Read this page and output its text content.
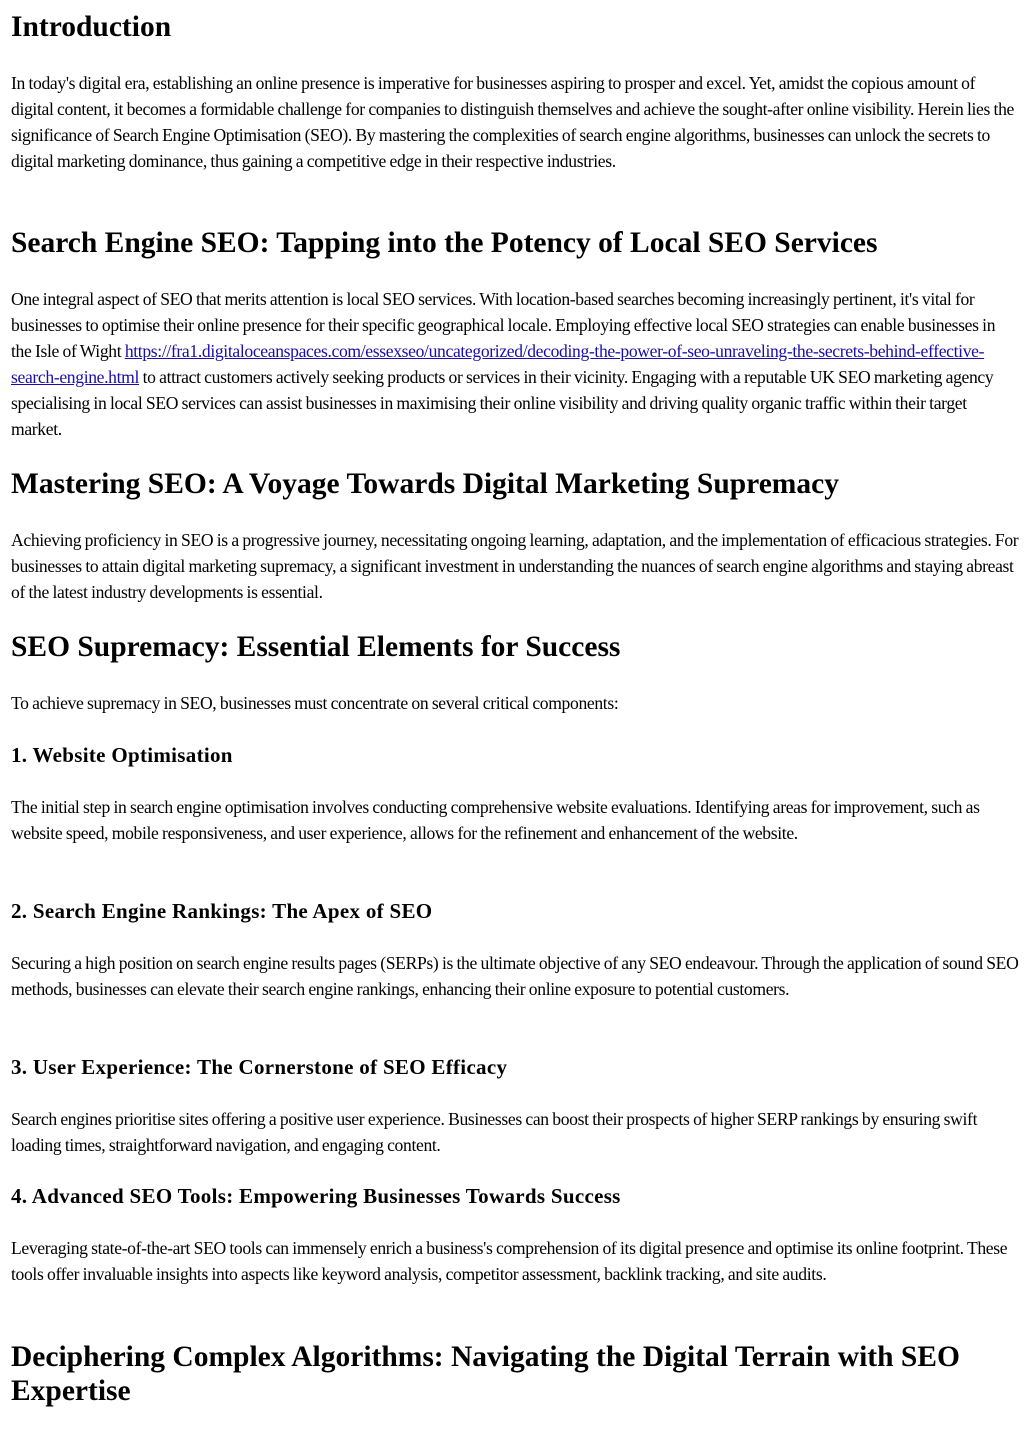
Introduction

In today's digital era, establishing an online presence is imperative for businesses aspiring to prosper and excel. Yet, amidst the copious amount of digital content, it becomes a formidable challenge for companies to distinguish themselves and achieve the sought-after online visibility. Herein lies the significance of Search Engine Optimisation (SEO). By mastering the complexities of search engine algorithms, businesses can unlock the secrets to digital marketing dominance, thus gaining a competitive edge in their respective industries.

Search Engine SEO: Tapping into the Potency of Local SEO Services

One integral aspect of SEO that merits attention is local SEO services. With location-based searches becoming increasingly pertinent, it's vital for businesses to optimise their online presence for their specific geographical locale. Employing effective local SEO strategies can enable businesses in the Isle of Wight https://fra1.digitaloceanspaces.com/essexseo/uncategorized/decoding-the-power-of-seo-unraveling-the-secrets-behind-effective-search-engine.html to attract customers actively seeking products or services in their vicinity. Engaging with a reputable UK SEO marketing agency specialising in local SEO services can assist businesses in maximising their online visibility and driving quality organic traffic within their target market.

Mastering SEO: A Voyage Towards Digital Marketing Supremacy

Achieving proficiency in SEO is a progressive journey, necessitating ongoing learning, adaptation, and the implementation of efficacious strategies. For businesses to attain digital marketing supremacy, a significant investment in understanding the nuances of search engine algorithms and staying abreast of the latest industry developments is essential.

SEO Supremacy: Essential Elements for Success

To achieve supremacy in SEO, businesses must concentrate on several critical components:

1. Website Optimisation

The initial step in search engine optimisation involves conducting comprehensive website evaluations. Identifying areas for improvement, such as website speed, mobile responsiveness, and user experience, allows for the refinement and enhancement of the website.

2. Search Engine Rankings: The Apex of SEO

Securing a high position on search engine results pages (SERPs) is the ultimate objective of any SEO endeavour. Through the application of sound SEO methods, businesses can elevate their search engine rankings, enhancing their online exposure to potential customers.

3. User Experience: The Cornerstone of SEO Efficacy

Search engines prioritise sites offering a positive user experience. Businesses can boost their prospects of higher SERP rankings by ensuring swift loading times, straightforward navigation, and engaging content.

4. Advanced SEO Tools: Empowering Businesses Towards Success

Leveraging state-of-the-art SEO tools can immensely enrich a business's comprehension of its digital presence and optimise its online footprint. These tools offer invaluable insights into aspects like keyword analysis, competitor assessment, backlink tracking, and site audits.

Deciphering Complex Algorithms: Navigating the Digital Terrain with SEO Expertise
